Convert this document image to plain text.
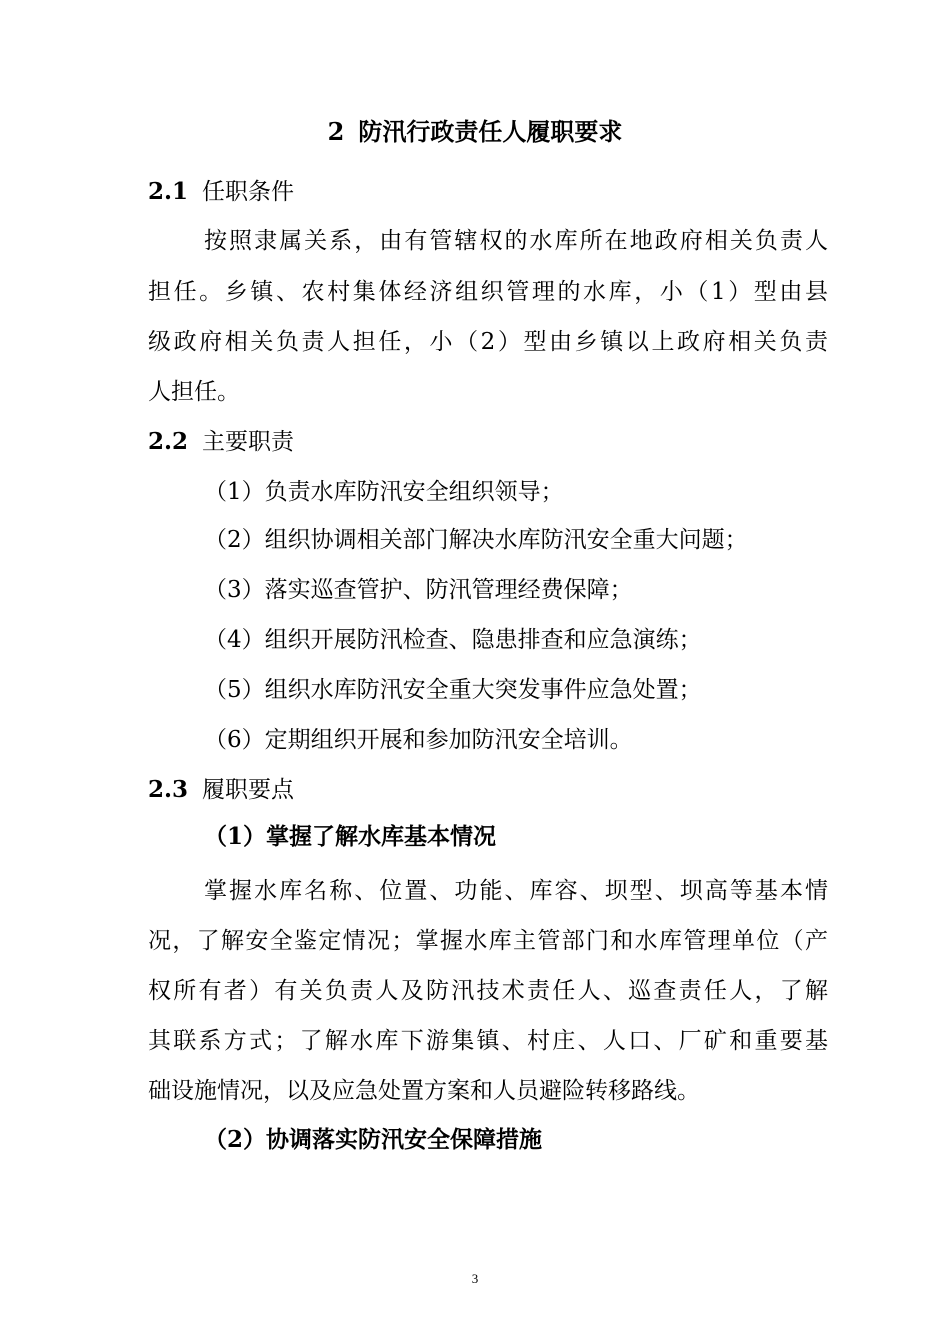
2 防汛行政责任人履职要求
2.1 任职条件
按照隶属关系，由有管辖权的水库所在地政府相关负责人
担任。乡镇、农村集体经济组织管理的水库，小（1）型由县
级政府相关负责人担任，小（2）型由乡镇以上政府相关负责
人担任。
2.2 主要职责
（1）负责水库防汛安全组织领导；
（2）组织协调相关部门解决水库防汛安全重大问题；
（3）落实巡查管护、防汛管理经费保障；
（4）组织开展防汛检查、隐患排查和应急演练；
（5）组织水库防汛安全重大突发事件应急处置；
（6）定期组织开展和参加防汛安全培训。
2.3 履职要点
（1）掌握了解水库基本情况
掌握水库名称、位置、功能、库容、坝型、坝高等基本情
况，了解安全鉴定情况；掌握水库主管部门和水库管理单位（产
权所有者）有关负责人及防汛技术责任人、巡查责任人，了解
其联系方式；了解水库下游集镇、村庄、人口、厂矿和重要基
础设施情况，以及应急处置方案和人员避险转移路线。
（2）协调落实防汛安全保障措施
3
